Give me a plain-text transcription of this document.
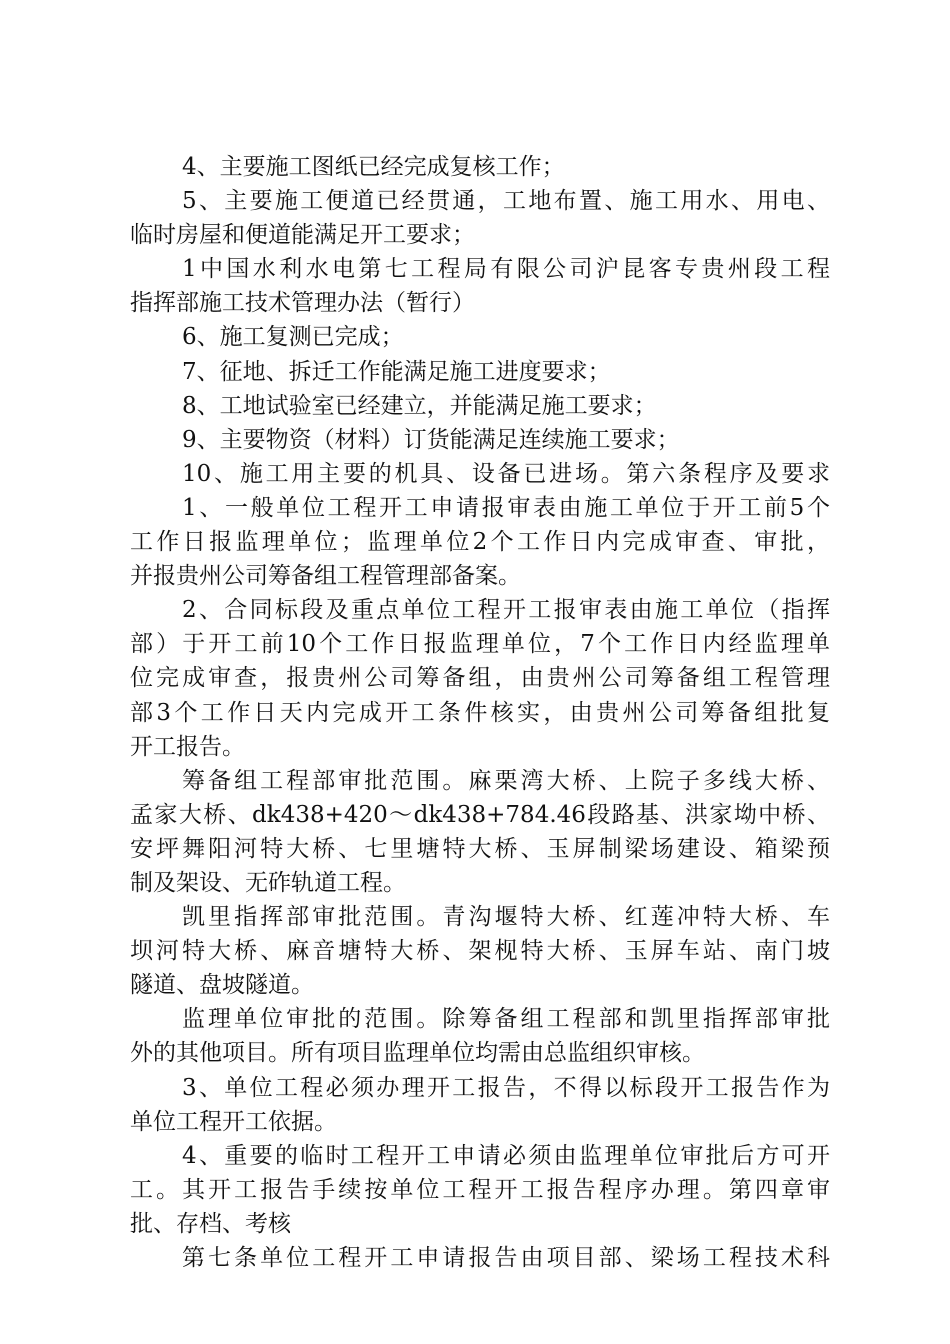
4、主要施工图纸已经完成复核工作；
5、主要施工便道已经贯通，工地布置、施工用水、用电、
临时房屋和便道能满足开工要求；
1中国水利水电第七工程局有限公司沪昆客专贵州段工程
指挥部施工技术管理办法（暂行）
6、施工复测已完成；
7、征地、拆迁工作能满足施工进度要求；
8、工地试验室已经建立，并能满足施工要求；
9、主要物资（材料）订货能满足连续施工要求；
10、施工用主要的机具、设备已进场。第六条程序及要求
1、一般单位工程开工申请报审表由施工单位于开工前5个
工作日报监理单位；监理单位2个工作日内完成审查、审批，
并报贵州公司筹备组工程管理部备案。
2、合同标段及重点单位工程开工报审表由施工单位（指挥
部）于开工前10个工作日报监理单位，7个工作日内经监理单
位完成审查，报贵州公司筹备组，由贵州公司筹备组工程管理
部3个工作日天内完成开工条件核实，由贵州公司筹备组批复
开工报告。
筹备组工程部审批范围。麻栗湾大桥、上院子多线大桥、
孟家大桥、dk438+420～dk438+784.46段路基、洪家坳中桥、
安坪舞阳河特大桥、七里塘特大桥、玉屏制梁场建设、箱梁预
制及架设、无砟轨道工程。
凯里指挥部审批范围。青沟堰特大桥、红莲冲特大桥、车
坝河特大桥、麻音塘特大桥、架枧特大桥、玉屏车站、南门坡
隧道、盘坡隧道。
监理单位审批的范围。除筹备组工程部和凯里指挥部审批
外的其他项目。所有项目监理单位均需由总监组织审核。
3、单位工程必须办理开工报告，不得以标段开工报告作为
单位工程开工依据。
4、重要的临时工程开工申请必须由监理单位审批后方可开
工。其开工报告手续按单位工程开工报告程序办理。第四章审
批、存档、考核
第七条单位工程开工申请报告由项目部、梁场工程技术科
